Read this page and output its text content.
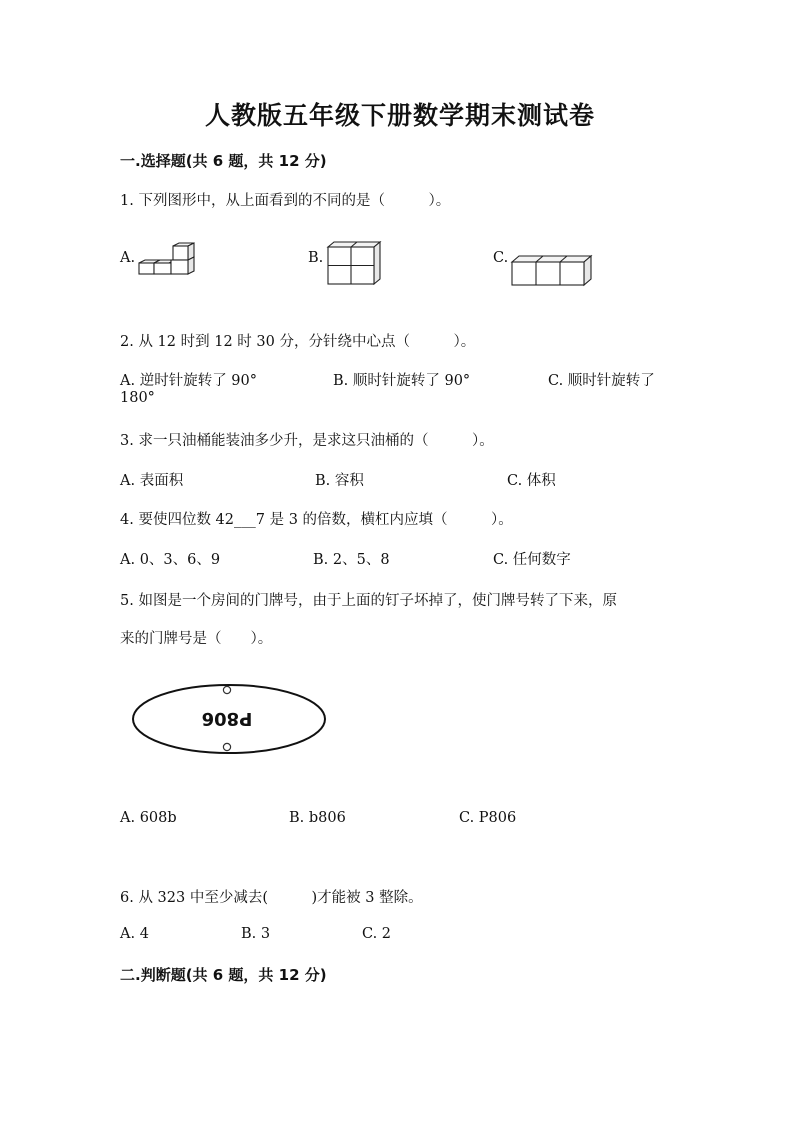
人教版五年级下册数学期末测试卷
一.选择题(共 6 题，共 12 分)
1. 下列图形中，从上面看到的不同的是（　　　）。
A.	B.	C.
2. 从 12 时到 12 时 30 分，分针绕中心点（　　　）。
A. 逆时针旋转了 90°	B. 顺时针旋转了 90°	C. 顺时针旋转了
180°
3. 求一只油桶能装油多少升，是求这只油桶的（　　　）。
A. 表面积	B. 容积	C. 体积
4. 要使四位数 42___7 是 3 的倍数，横杠内应填（　　　）。
A. 0、3、6、9	B. 2、5、8	C. 任何数字
5. 如图是一个房间的门牌号，由于上面的钉子坏掉了，使门牌号转了下来，原
来的门牌号是（　　）。
P806
A. 608b	B. b806	C. P806
6. 从 323 中至少减去(　　　)才能被 3 整除。
A. 4	B. 3	C. 2
二.判断题(共 6 题，共 12 分)
